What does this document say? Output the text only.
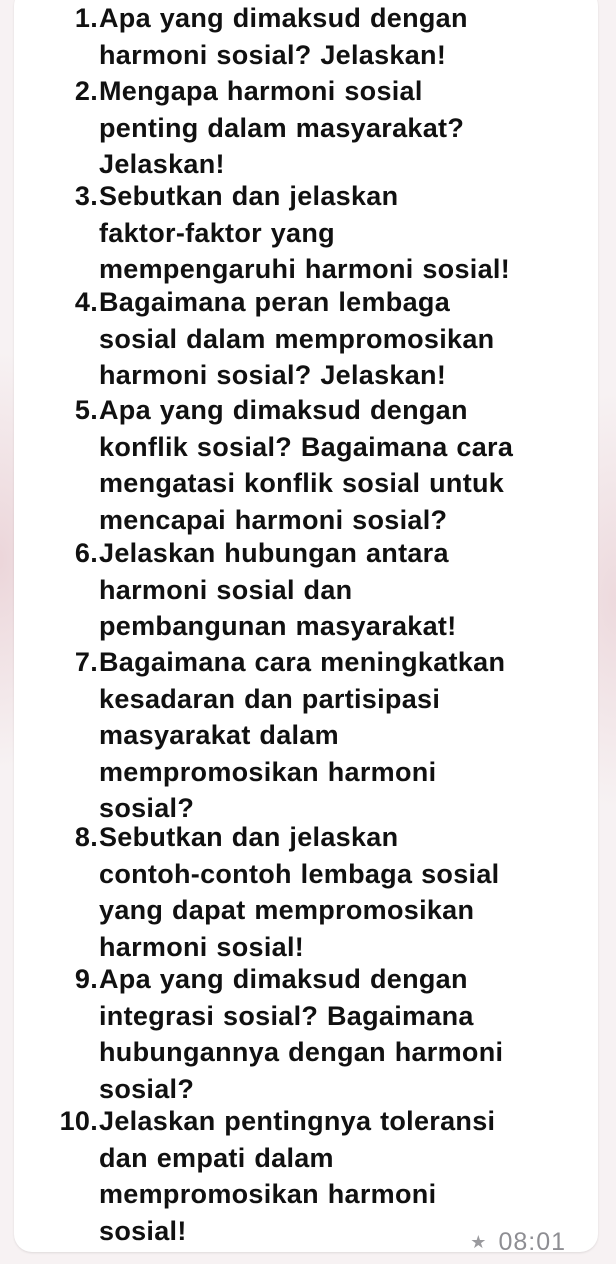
1. Apa yang dimaksud dengan
harmoni sosial? Jelaskan!
2. Mengapa harmoni sosial
penting dalam masyarakat?
Jelaskan!
3. Sebutkan dan jelaskan
faktor-faktor yang
mempengaruhi harmoni sosial!
4. Bagaimana peran lembaga
sosial dalam mempromosikan
harmoni sosial? Jelaskan!
5. Apa yang dimaksud dengan
konflik sosial? Bagaimana cara
mengatasi konflik sosial untuk
mencapai harmoni sosial?
6. Jelaskan hubungan antara
harmoni sosial dan
pembangunan masyarakat!
7. Bagaimana cara meningkatkan
kesadaran dan partisipasi
masyarakat dalam
mempromosikan harmoni
sosial?
8. Sebutkan dan jelaskan
contoh-contoh lembaga sosial
yang dapat mempromosikan
harmoni sosial!
9. Apa yang dimaksud dengan
integrasi sosial? Bagaimana
hubungannya dengan harmoni
sosial?
10. Jelaskan pentingnya toleransi
dan empati dalam
mempromosikan harmoni
sosial!	★ 08:01
